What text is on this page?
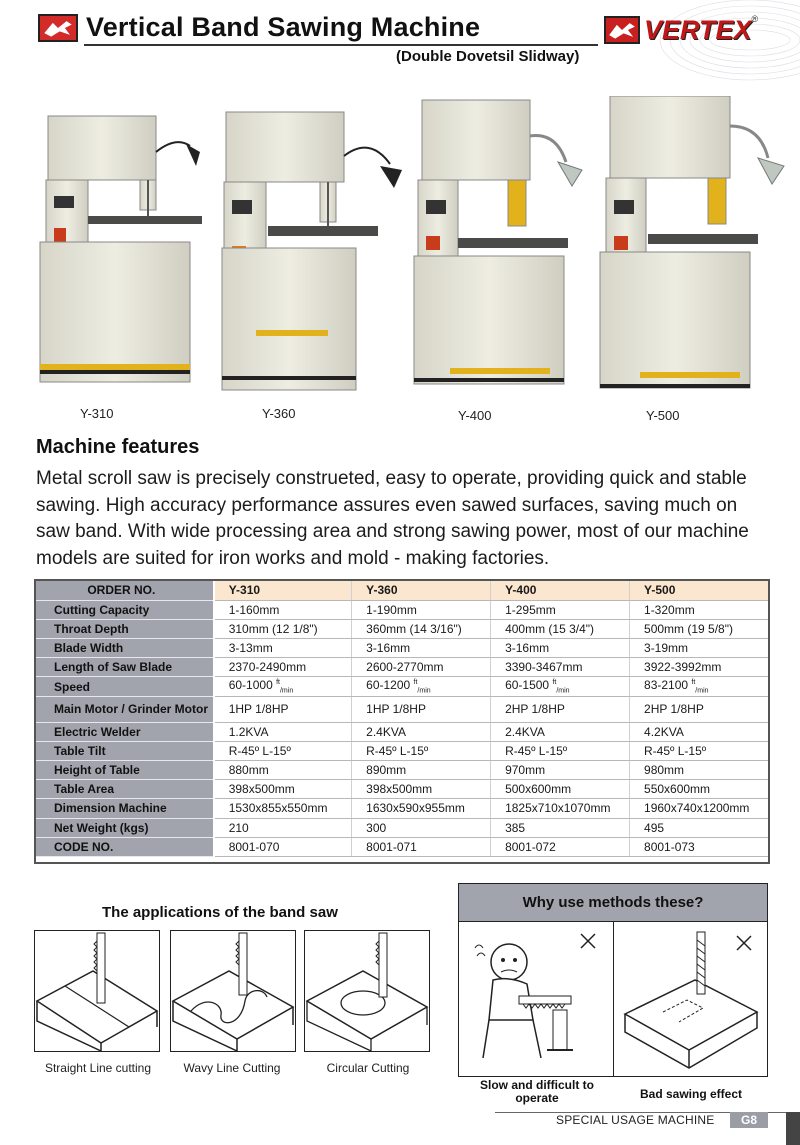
Vertical Band Sawing Machine
(Double Dovetsil Slidway)
VERTEX ®
Y-310	Y-360	Y-400	Y-500
Machine features
Metal scroll saw is precisely construeted, easy to operate, providing quick and stable sawing. High accuracy performance assures even sawed surfaces, saving much on saw band. With wide processing area and strong sawing power, most of our machine models are suited for iron works and mold - making factories.
ORDER NO.	Y-310	Y-360	Y-400	Y-500
Cutting Capacity	1-160mm	1-190mm	1-295mm	1-320mm
Throat Depth	310mm (12 1/8")	360mm (14 3/16")	400mm (15 3/4")	500mm (19 5/8")
Blade Width	3-13mm	3-16mm	3-16mm	3-19mm
Length of Saw Blade	2370-2490mm	2600-2770mm	3390-3467mm	3922-3992mm
Speed	60-1000 $^{ft}_{/min}$	60-1200 $^{ft}_{/min}$	60-1500 $^{ft}_{/min}$	83-2100 $^{ft}_{/min}$
Main Motor / Grinder Motor	1HP 1/8HP	1HP 1/8HP	2HP 1/8HP	2HP 1/8HP
Electric Welder	1.2KVA	2.4KVA	2.4KVA	4.2KVA
Table Tilt	R-45º L-15º	R-45º L-15º	R-45º L-15º	R-45º L-15º
Height of Table	880mm	890mm	970mm	980mm
Table Area	398x500mm	398x500mm	500x600mm	550x600mm
Dimension Machine	1530x855x550mm	1630x590x955mm	1825x710x1070mm	1960x740x1200mm
Net Weight (kgs)	210	300	385	495
CODE NO.	8001-070	8001-071	8001-072	8001-073
The applications of the band saw
Straight Line cutting	Wavy Line Cutting	Circular Cutting
Why use methods these?
Slow and difficult to operate	Bad sawing effect
SPECIAL USAGE MACHINE	G8
